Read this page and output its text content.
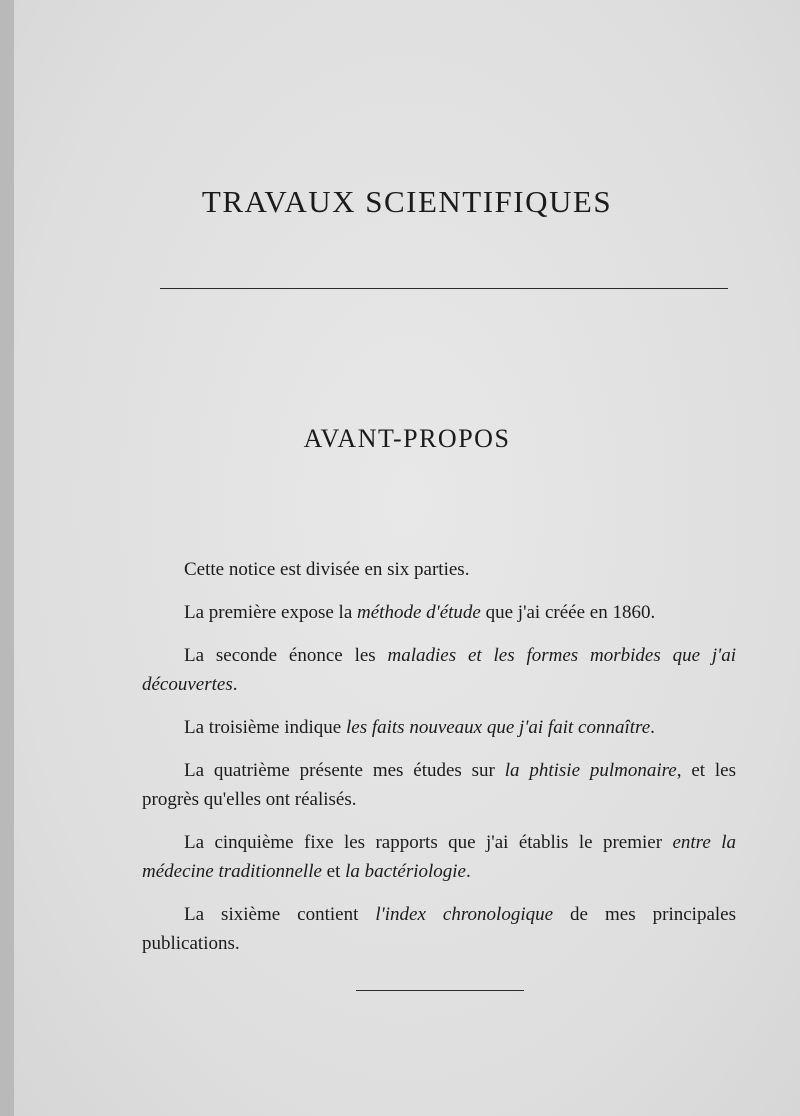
TRAVAUX SCIENTIFIQUES
AVANT-PROPOS

Cette notice est divisée en six parties.

La première expose la méthode d'étude que j'ai créée en 1860.

La seconde énonce les maladies et les formes morbides que j'ai découvertes.

La troisième indique les faits nouveaux que j'ai fait connaître.

La quatrième présente mes études sur la phtisie pulmonaire, et les progrès qu'elles ont réalisés.

La cinquième fixe les rapports que j'ai établis le premier entre la médecine traditionnelle et la bactériologie.

La sixième contient l'index chronologique de mes principales publications.
